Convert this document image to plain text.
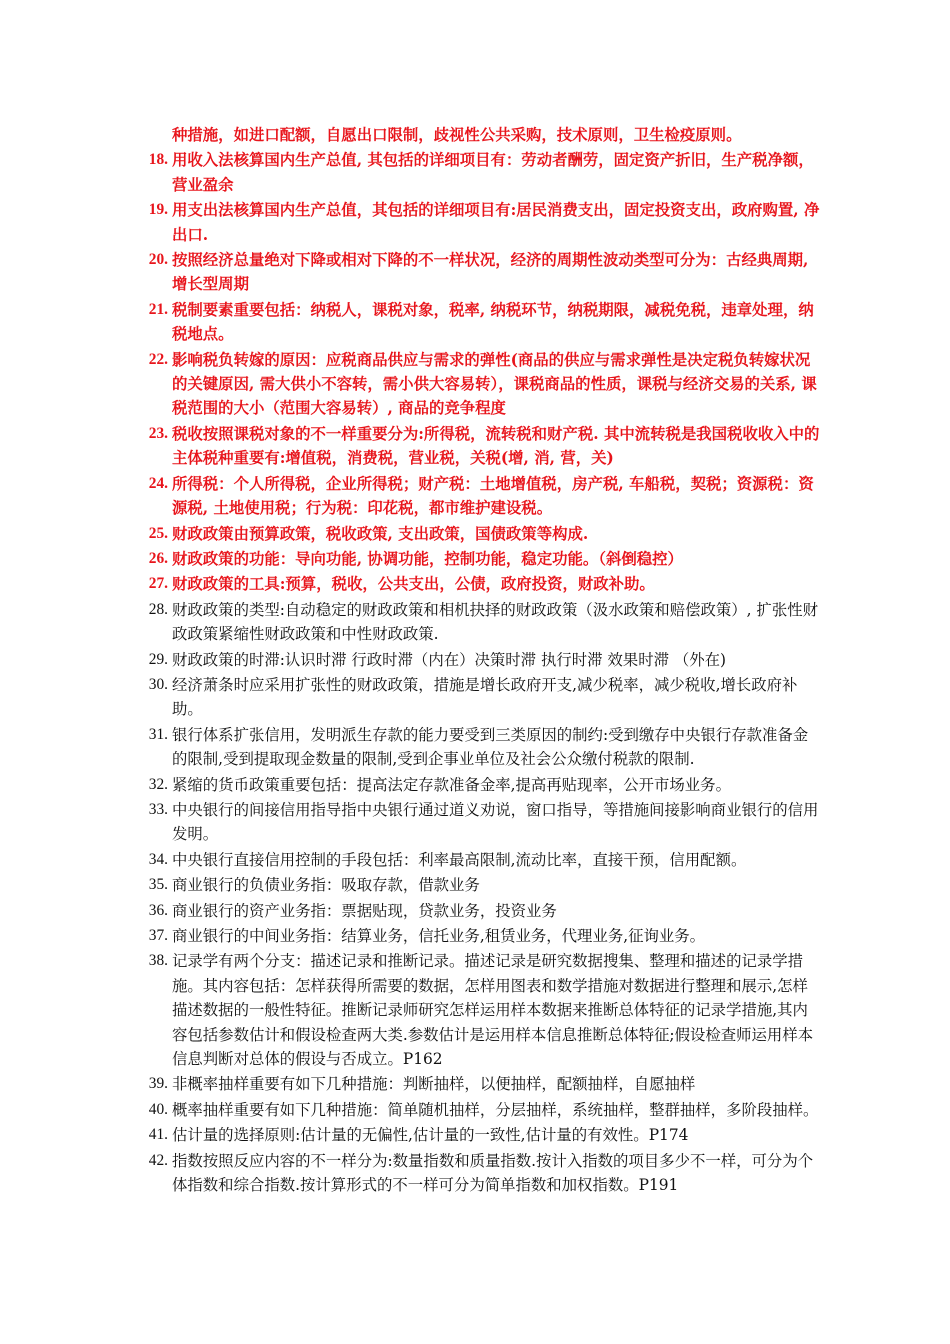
种措施，如进口配额，自愿出口限制，歧视性公共采购，技术原则，卫生检疫原则。
18. 用收入法核算国内生产总值, 其包括的详细项目有：劳动者酬劳，固定资产折旧，生产税净额，营业盈余
19. 用支出法核算国内生产总值，其包括的详细项目有:居民消费支出，固定投资支出，政府购置, 净出口.
20. 按照经济总量绝对下降或相对下降的不一样状况，经济的周期性波动类型可分为：古经典周期, 增长型周期
21. 税制要素重要包括：纳税人，课税对象，税率, 纳税环节，纳税期限，减税免税，违章处理，纳税地点。
22. 影响税负转嫁的原因：应税商品供应与需求的弹性(商品的供应与需求弹性是决定税负转嫁状况的关键原因, 需大供小不容转，需小供大容易转），课税商品的性质，课税与经济交易的关系, 课税范围的大小（范围大容易转）, 商品的竞争程度
23. 税收按照课税对象的不一样重要分为:所得税，流转税和财产税. 其中流转税是我国税收收入中的主体税种重要有:增值税，消费税，营业税，关税(增, 消, 营，关)
24. 所得税：个人所得税，企业所得税；财产税：土地增值税，房产税, 车船税，契税；资源税：资源税, 土地使用税；行为税：印花税，都市维护建设税。
25. 财政政策由预算政策，税收政策, 支出政策，国债政策等构成.
26. 财政政策的功能：导向功能, 协调功能，控制功能，稳定功能。（斜倒稳控）
27. 财政政策的工具:预算，税收，公共支出，公债，政府投资，财政补助。
28. 财政政策的类型:自动稳定的财政政策和相机抉择的财政政策（汲水政策和赔偿政策）, 扩张性财政政策紧缩性财政政策和中性财政政策.
29. 财政政策的时滞:认识时滞 行政时滞（内在）决策时滞 执行时滞 效果时滞 （外在)
30. 经济萧条时应采用扩张性的财政政策，措施是增长政府开支,减少税率，减少税收,增长政府补助。
31. 银行体系扩张信用，发明派生存款的能力要受到三类原因的制约:受到缴存中央银行存款准备金的限制,受到提取现金数量的限制,受到企事业单位及社会公众缴付税款的限制.
32. 紧缩的货币政策重要包括：提高法定存款准备金率,提高再贴现率，公开市场业务。
33. 中央银行的间接信用指导指中央银行通过道义劝说，窗口指导，等措施间接影响商业银行的信用发明。
34. 中央银行直接信用控制的手段包括：利率最高限制,流动比率，直接干预，信用配额。
35. 商业银行的负债业务指：吸取存款，借款业务
36. 商业银行的资产业务指：票据贴现，贷款业务，投资业务
37. 商业银行的中间业务指：结算业务，信托业务,租赁业务，代理业务,征询业务。
38. 记录学有两个分支：描述记录和推断记录。描述记录是研究数据搜集、整理和描述的记录学措施。其内容包括：怎样获得所需要的数据，怎样用图表和数学措施对数据进行整理和展示,怎样描述数据的一般性特征。推断记录师研究怎样运用样本数据来推断总体特征的记录学措施,其内容包括参数估计和假设检查两大类.参数估计是运用样本信息推断总体特征;假设检查师运用样本信息判断对总体的假设与否成立。P162
39. 非概率抽样重要有如下几种措施：判断抽样，以便抽样，配额抽样，自愿抽样
40. 概率抽样重要有如下几种措施：简单随机抽样，分层抽样，系统抽样，整群抽样，多阶段抽样。
41. 估计量的选择原则:估计量的无偏性,估计量的一致性,估计量的有效性。P174
42. 指数按照反应内容的不一样分为:数量指数和质量指数.按计入指数的项目多少不一样，可分为个体指数和综合指数.按计算形式的不一样可分为简单指数和加权指数。P191
